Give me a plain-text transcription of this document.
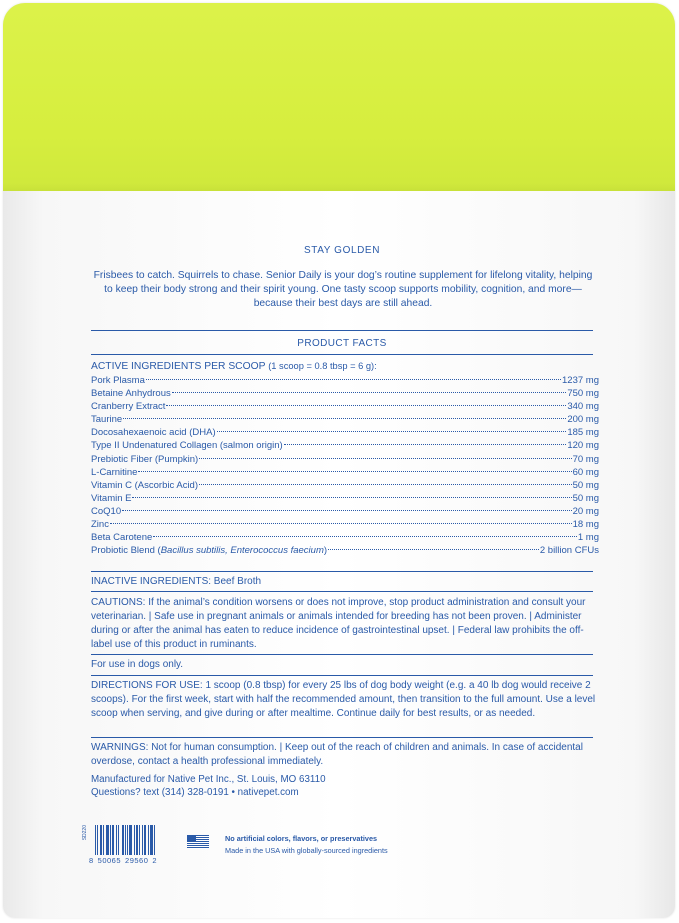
STAY GOLDEN
Frisbees to catch. Squirrels to chase. Senior Daily is your dog’s routine supplement for lifelong vitality, helping to keep their body strong and their spirit young. One tasty scoop supports mobility, cognition, and more—because their best days are still ahead.
PRODUCT FACTS
ACTIVE INGREDIENTS PER SCOOP (1 scoop = 0.8 tbsp = 6 g):
Pork Plasma	1237 mg
Betaine Anhydrous	750 mg
Cranberry Extract	340 mg
Taurine	200 mg
Docosahexaenoic acid (DHA)	185 mg
Type II Undenatured Collagen (salmon origin)	120 mg
Prebiotic Fiber (Pumpkin)	70 mg
L-Carnitine	60 mg
Vitamin C (Ascorbic Acid)	50 mg
Vitamin E	50 mg
CoQ10	20 mg
Zinc	18 mg
Beta Carotene	1 mg
Probiotic Blend ( Bacillus subtilis, Enterococcus faecium )	2 billion CFUs
INACTIVE INGREDIENTS: Beef Broth
CAUTIONS: If the animal’s condition worsens or does not improve, stop product administration and consult your veterinarian. | Safe use in pregnant animals or animals intended for breeding has not been proven. | Administer during or after the animal has eaten to reduce incidence of gastrointestinal upset. | Federal law prohibits the off-label use of this product in ruminants.
For use in dogs only.
DIRECTIONS FOR USE: 1 scoop (0.8 tbsp) for every 25 lbs of dog body weight (e.g. a 40 lb dog would receive 2 scoops). For the first week, start with half the recommended amount, then transition to the full amount. Use a level scoop when serving, and give during or after mealtime. Continue daily for best results, or as needed.
WARNINGS: Not for human consumption. | Keep out of the reach of children and animals. In case of accidental overdose, contact a health professional immediately.
Manufactured for Native Pet Inc., St. Louis, MO 63110
Questions? text (314) 328-0191 • nativepet.com
SD220
8 50065 29560 2
No artificial colors, flavors, or preservatives
Made in the USA with globally-sourced ingredients
